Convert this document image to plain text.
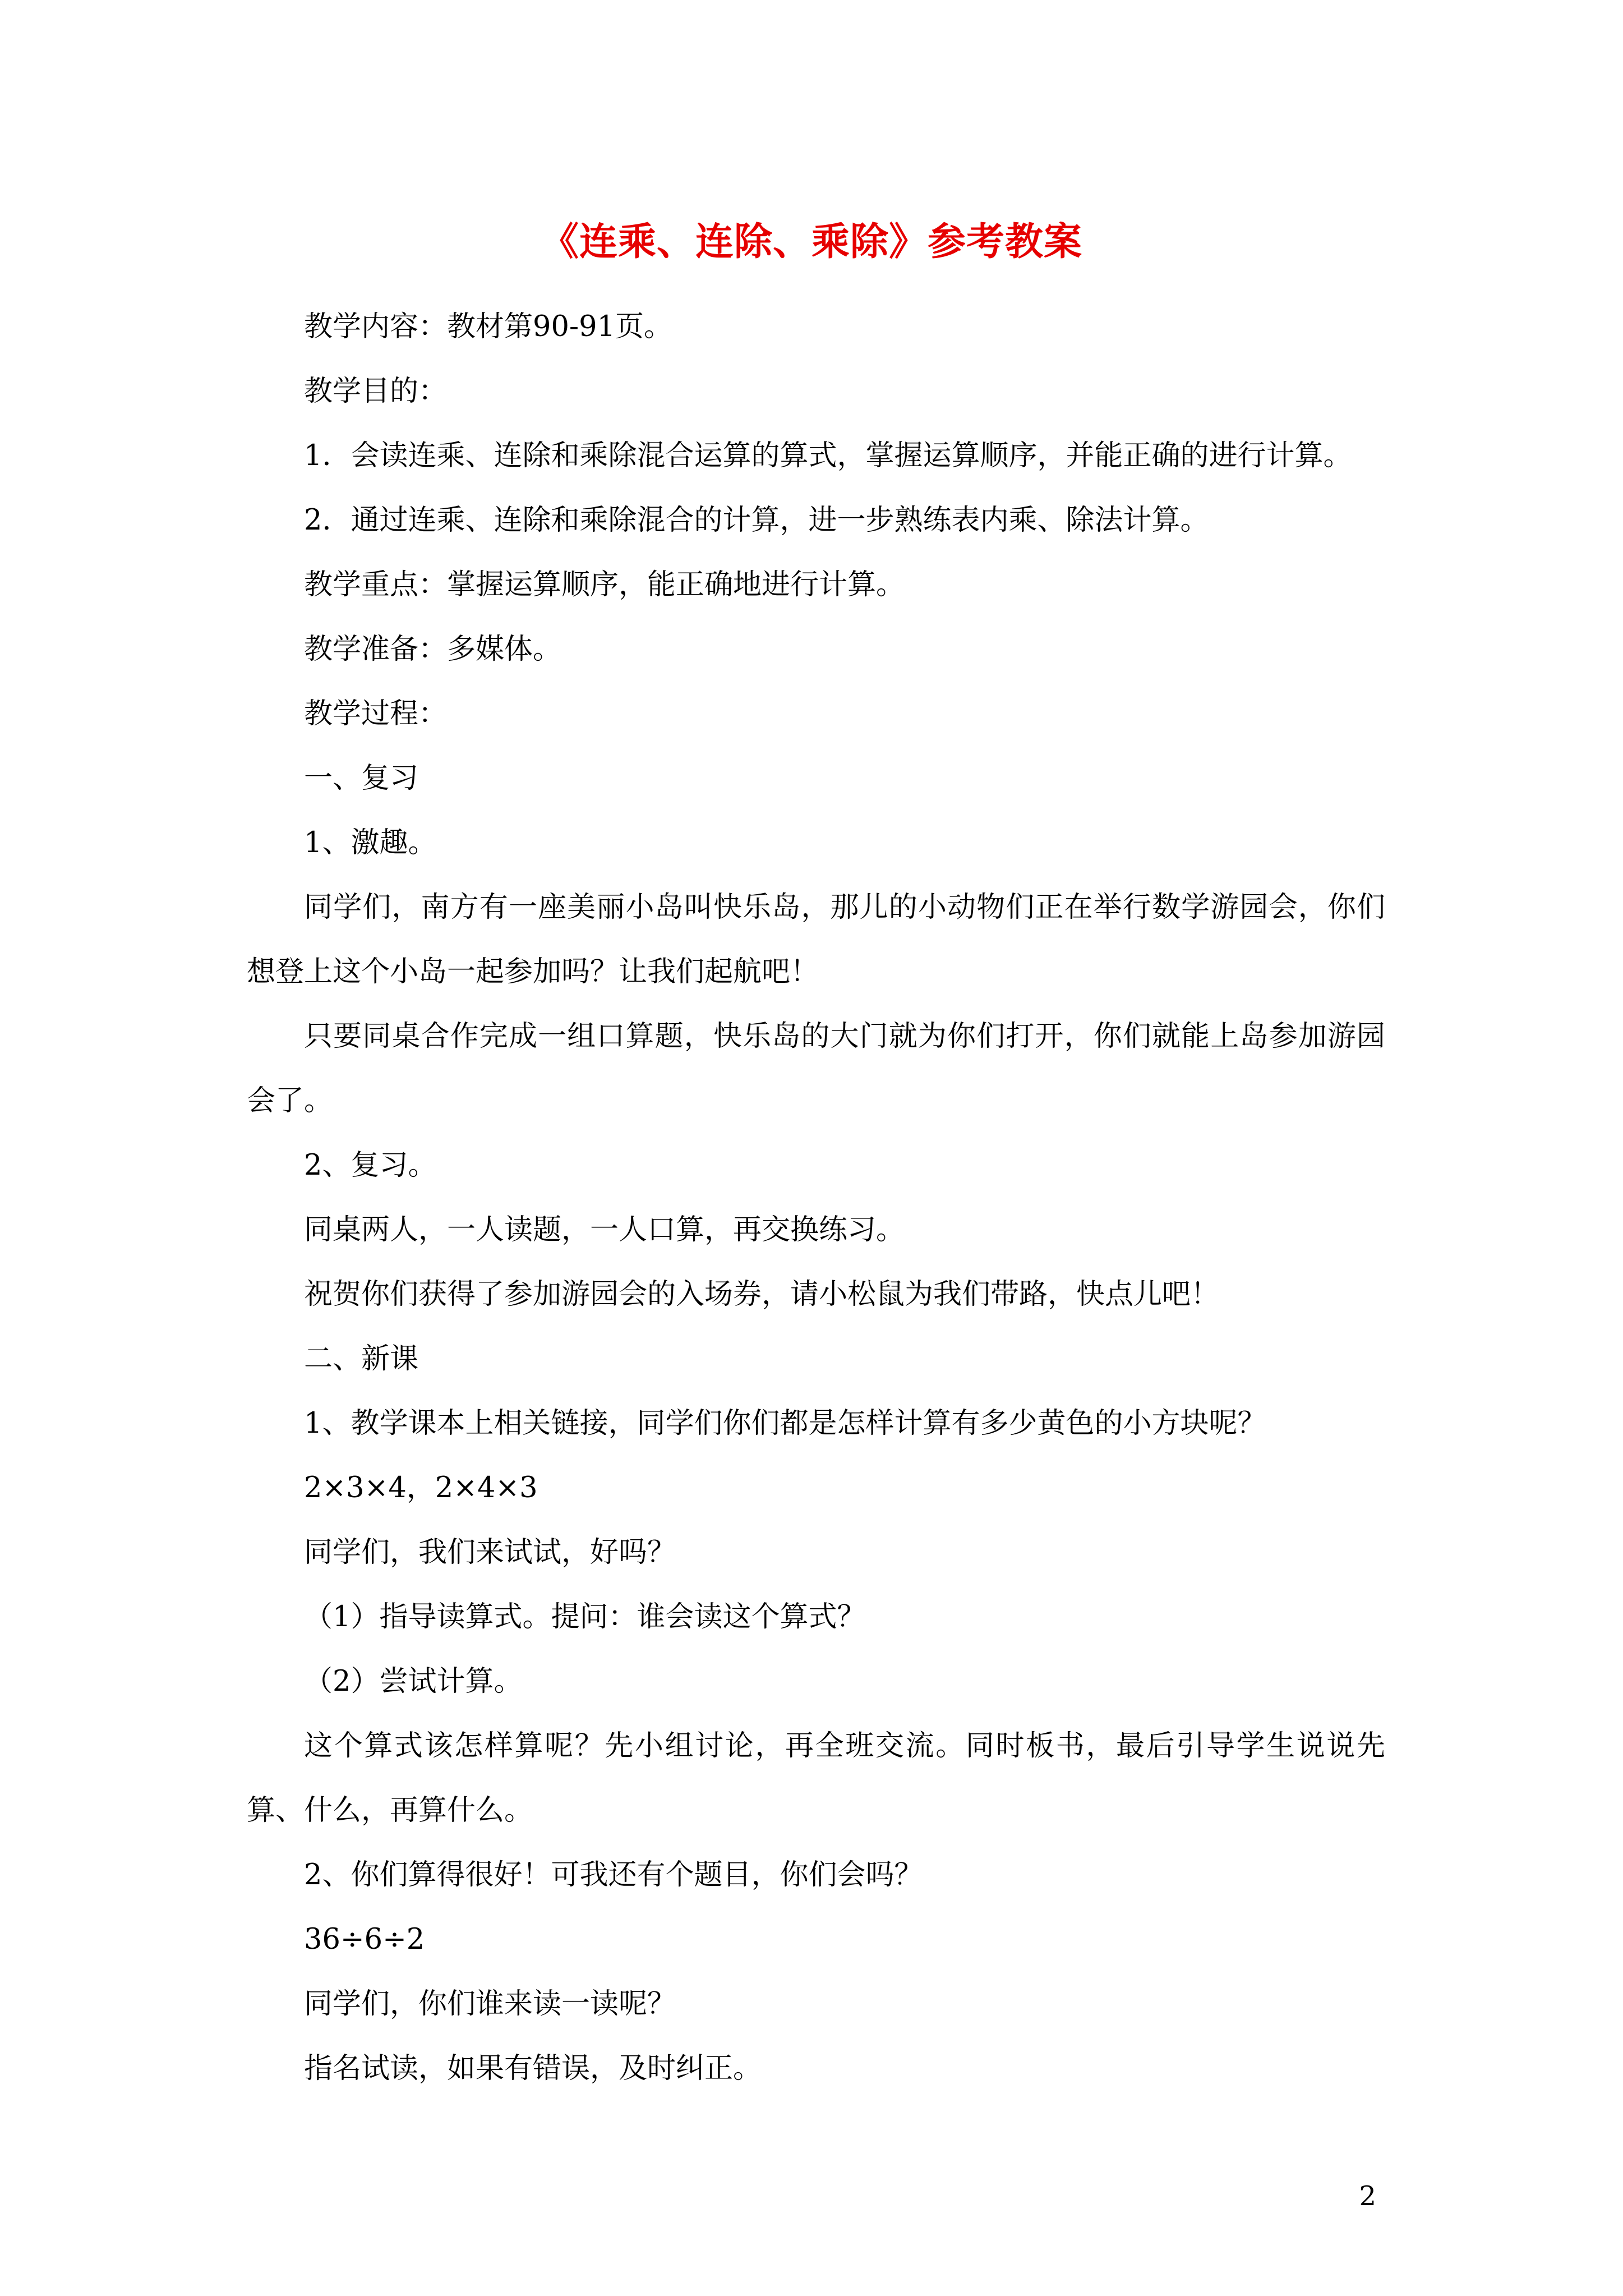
《连乘、连除、乘除》参考教案

教学内容：教材第90-91页。

教学目的：

1．会读连乘、连除和乘除混合运算的算式，掌握运算顺序，并能正确的进行计算。

2．通过连乘、连除和乘除混合的计算，进一步熟练表内乘、除法计算。

教学重点：掌握运算顺序，能正确地进行计算。

教学准备：多媒体。

教学过程：

一、复习

1、激趣。

同学们，南方有一座美丽小岛叫快乐岛，那儿的小动物们正在举行数学游园会，你们想登上这个小岛一起参加吗？让我们起航吧！

只要同桌合作完成一组口算题，快乐岛的大门就为你们打开，你们就能上岛参加游园会了。

2、复习。

同桌两人，一人读题，一人口算，再交换练习。

祝贺你们获得了参加游园会的入场券，请小松鼠为我们带路，快点儿吧！

二、新课

1、教学课本上相关链接，同学们你们都是怎样计算有多少黄色的小方块呢？

2×3×4，2×4×3

同学们，我们来试试，好吗？

（1）指导读算式。提问：谁会读这个算式？

（2）尝试计算。

这个算式该怎样算呢？先小组讨论，再全班交流。同时板书，最后引导学生说说先算、什么，再算什么。

2、你们算得很好！可我还有个题目，你们会吗？

36÷6÷2

同学们，你们谁来读一读呢？

指名试读，如果有错误，及时纠正。

2
